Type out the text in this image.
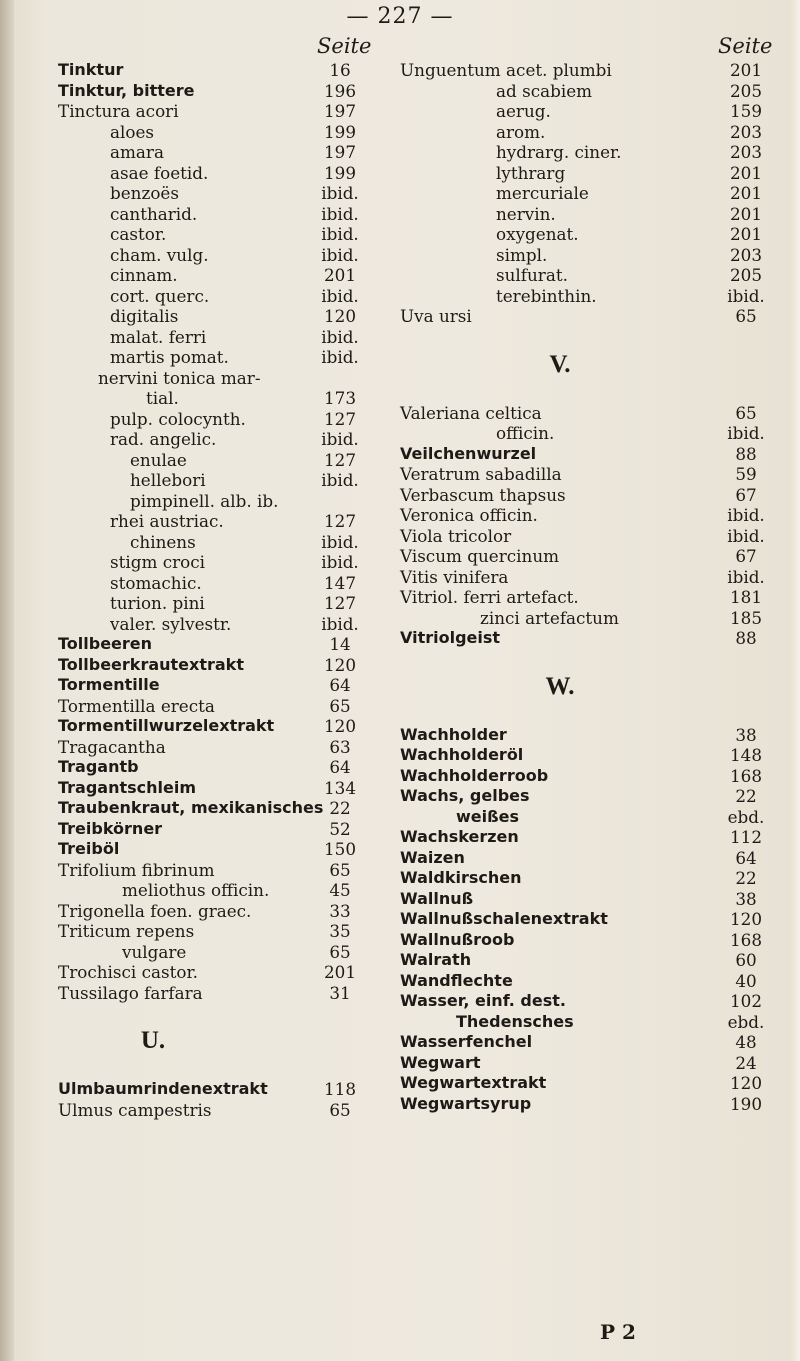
— 227 —
Seite	Seite
Tinktur	16
Tinktur, bittere	196
Tinctura acori	197
aloes	199
amara	197
asae foetid.	199
benzoës	ibid.
cantharid.	ibid.
castor.	ibid.
cham. vulg.	ibid.
cinnam.	201
cort. querc.	ibid.
digitalis	120
malat. ferri	ibid.
martis pomat.	ibid.
nervini tonica mar-
tial.	173
pulp. colocynth.	127
rad. angelic.	ibid.
enulae	127
hellebori	ibid.
pimpinell. alb. ib.
rhei austriac.	127
chinens	ibid.
stigm croci	ibid.
stomachic.	147
turion. pini	127
valer. sylvestr.	ibid.
Tollbeeren	14
Tollbeerkrautextrakt	120
Tormentille	64
Tormentilla erecta	65
Tormentillwurzelextrakt	120
Tragacantha	63
Tragantb	64
Tragantschleim	134
Traubenkraut, mexikanisches 22
Treibkörner	52
Treiböl	150
Trifolium fibrinum	65
meliothus officin.	45
Trigonella foen. graec.	33
Triticum repens	35
vulgare	65
Trochisci castor.	201
Tussilago farfara	31
U.
Ulmbaumrindenextrakt	118
Ulmus campestris	65
Unguentum acet. plumbi	201
ad scabiem	205
aerug.	159
arom.	203
hydrarg. ciner.	203
lythrarg	201
mercuriale	201
nervin.	201
oxygenat.	201
simpl.	203
sulfurat.	205
terebinthin.	ibid.
Uva ursi	65
V.
Valeriana celtica	65
officin.	ibid.
Veilchenwurzel	88
Veratrum sabadilla	59
Verbascum thapsus	67
Veronica officin.	ibid.
Viola tricolor	ibid.
Viscum quercinum	67
Vitis vinifera	ibid.
Vitriol. ferri artefact.	181
zinci artefactum	185
Vitriolgeist	88
W.
Wachholder	38
Wachholderöl	148
Wachholderroob	168
Wachs, gelbes	22
weißes	ebd.
Wachskerzen	112
Waizen	64
Waldkirschen	22
Wallnuß	38
Wallnußschalenextrakt	120
Wallnußroob	168
Walrath	60
Wandflechte	40
Wasser, einf. dest.	102
Thedensches	ebd.
Wasserfenchel	48
Wegwart	24
Wegwartextrakt	120
Wegwartsyrup	190
P 2
